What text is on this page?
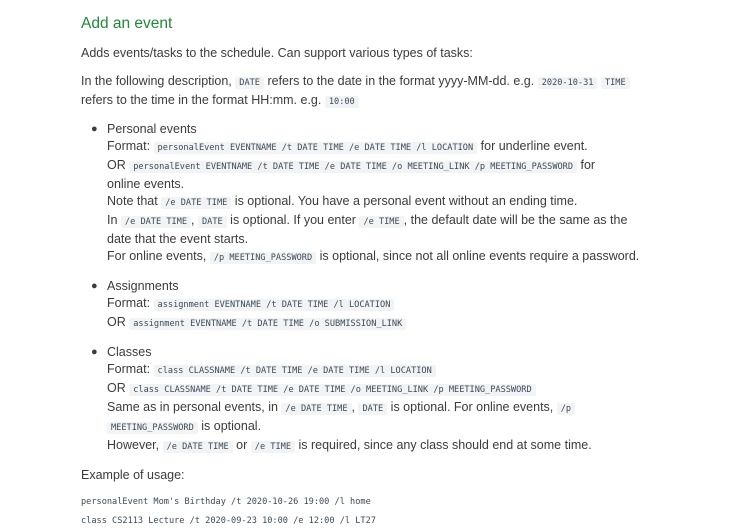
Add an event

Adds events/tasks to the schedule. Can support various types of tasks:

In the following description, DATE refers to the date in the format yyyy-MM-dd. e.g. 2020-10-31 TIME
refers to the time in the format HH:mm. e.g. 10:00

● Personal events
Format: personalEvent EVENTNAME /t DATE TIME /e DATE TIME /l LOCATION for underline event.
OR personalEvent EVENTNAME /t DATE TIME /e DATE TIME /o MEETING_LINK /p MEETING_PASSWORD for
online events.
Note that /e DATE TIME is optional. You have a personal event without an ending time.
In /e DATE TIME , DATE is optional. If you enter /e TIME , the default date will be the same as the
date that the event starts.
For online events, /p MEETING_PASSWORD is optional, since not all online events require a password.
● Assignments
Format: assignment EVENTNAME /t DATE TIME /l LOCATION
OR assignment EVENTNAME /t DATE TIME /o SUBMISSION_LINK
● Classes
Format: class CLASSNAME /t DATE TIME /e DATE TIME /l LOCATION
OR class CLASSNAME /t DATE TIME /e DATE TIME /o MEETING_LINK /p MEETING_PASSWORD
Same as in personal events, in /e DATE TIME , DATE is optional. For online events, /p
MEETING_PASSWORD is optional.
However, /e DATE TIME or /e TIME is required, since any class should end at some time.

Example of usage:

personalEvent Mom's Birthday /t 2020-10-26 19:00 /l home
class CS2113 Lecture /t 2020-09-23 10:00 /e 12:00 /l LT27
